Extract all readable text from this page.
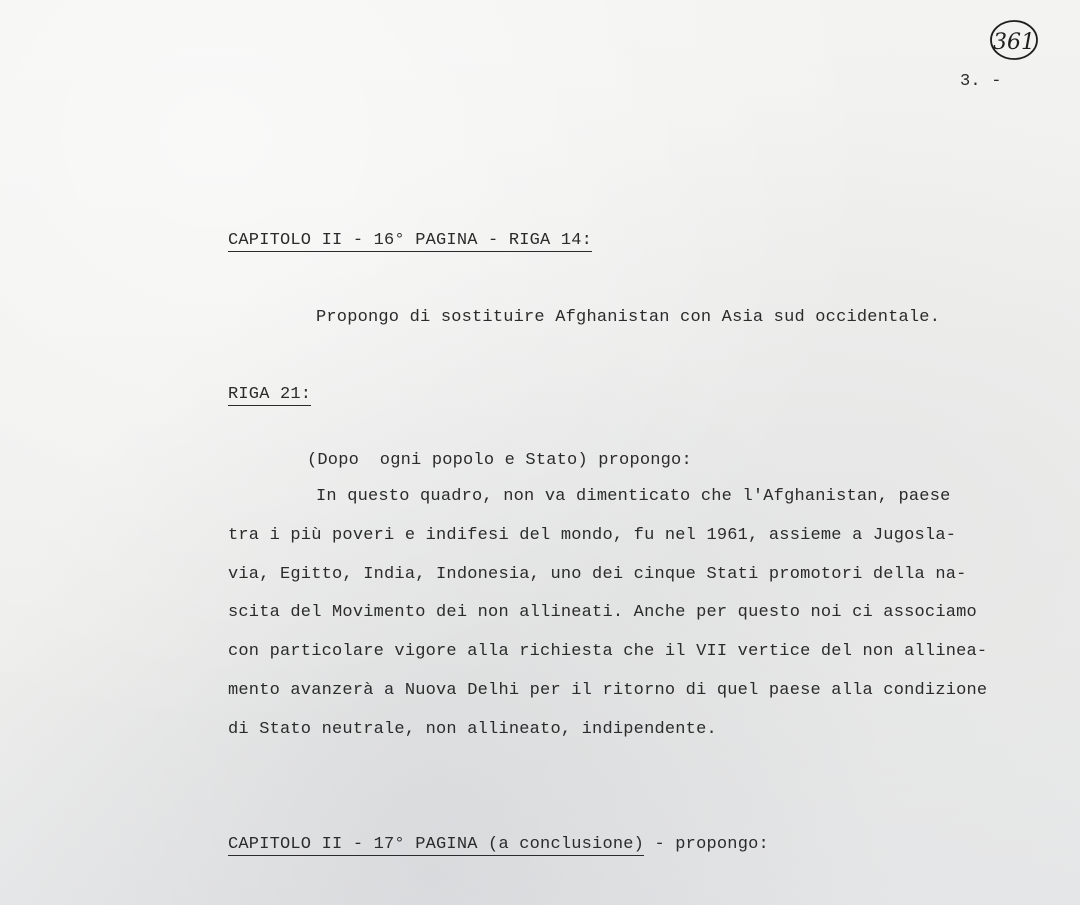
361
3. -
CAPITOLO II - 16° PAGINA - RIGA 14:
Propongo di sostituire Afghanistan con Asia sud occidentale.
RIGA 21:
(Dopo  ogni popolo e Stato) propongo:
In questo quadro, non va dimenticato che l'Afghanistan, paese
tra i più poveri e indifesi del mondo, fu nel 1961, assieme a Jugosla-
via, Egitto, India, Indonesia, uno dei cinque Stati promotori della na-
scita del Movimento dei non allineati. Anche per questo noi ci associamo
con particolare vigore alla richiesta che il VII vertice del non allinea-
mento avanzerà a Nuova Delhi per il ritorno di quel paese alla condizione
di Stato neutrale, non allineato, indipendente.
CAPITOLO II - 17° PAGINA (a conclusione) - propongo:
